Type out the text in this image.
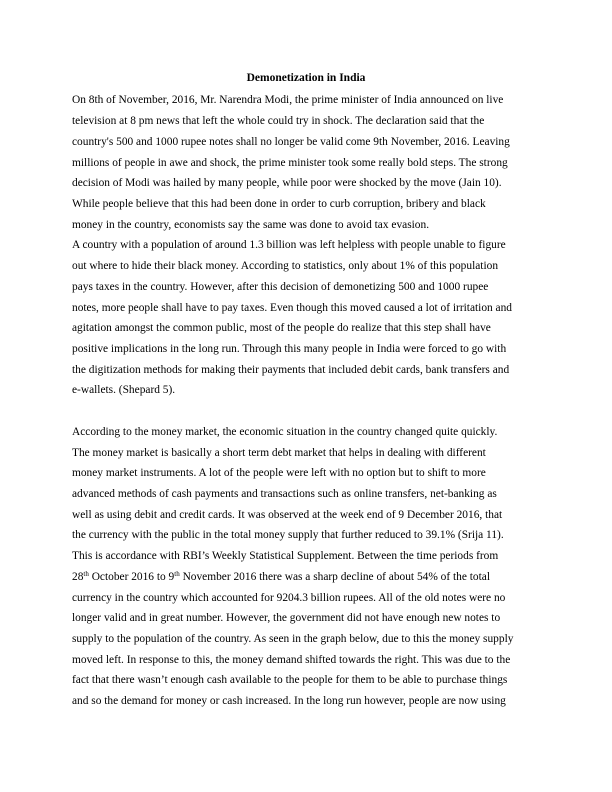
Demonetization in India
On 8th of November, 2016, Mr. Narendra Modi, the prime minister of India announced on live
television at 8 pm news that left the whole could try in shock. The declaration said that the
country's 500 and 1000 rupee notes shall no longer be valid come 9th November, 2016. Leaving
millions of people in awe and shock, the prime minister took some really bold steps. The strong
decision of Modi was hailed by many people, while poor were shocked by the move (Jain 10).
While people believe that this had been done in order to curb corruption, bribery and black
money in the country, economists say the same was done to avoid tax evasion.
A country with a population of around 1.3 billion was left helpless with people unable to figure
out where to hide their black money. According to statistics, only about 1% of this population
pays taxes in the country. However, after this decision of demonetizing 500 and 1000 rupee
notes, more people shall have to pay taxes. Even though this moved caused a lot of irritation and
agitation amongst the common public, most of the people do realize that this step shall have
positive implications in the long run. Through this many people in India were forced to go with
the digitization methods for making their payments that included debit cards, bank transfers and
e-wallets. (Shepard 5).
According to the money market, the economic situation in the country changed quite quickly.
The money market is basically a short term debt market that helps in dealing with different
money market instruments. A lot of the people were left with no option but to shift to more
advanced methods of cash payments and transactions such as online transfers, net-banking as
well as using debit and credit cards. It was observed at the week end of 9 December 2016, that
the currency with the public in the total money supply that further reduced to 39.1% (Srija 11).
This is accordance with RBI’s Weekly Statistical Supplement. Between the time periods from
28th October 2016 to 9th November 2016 there was a sharp decline of about 54% of the total
currency in the country which accounted for 9204.3 billion rupees. All of the old notes were no
longer valid and in great number. However, the government did not have enough new notes to
supply to the population of the country. As seen in the graph below, due to this the money supply
moved left. In response to this, the money demand shifted towards the right. This was due to the
fact that there wasn’t enough cash available to the people for them to be able to purchase things
and so the demand for money or cash increased. In the long run however, people are now using
